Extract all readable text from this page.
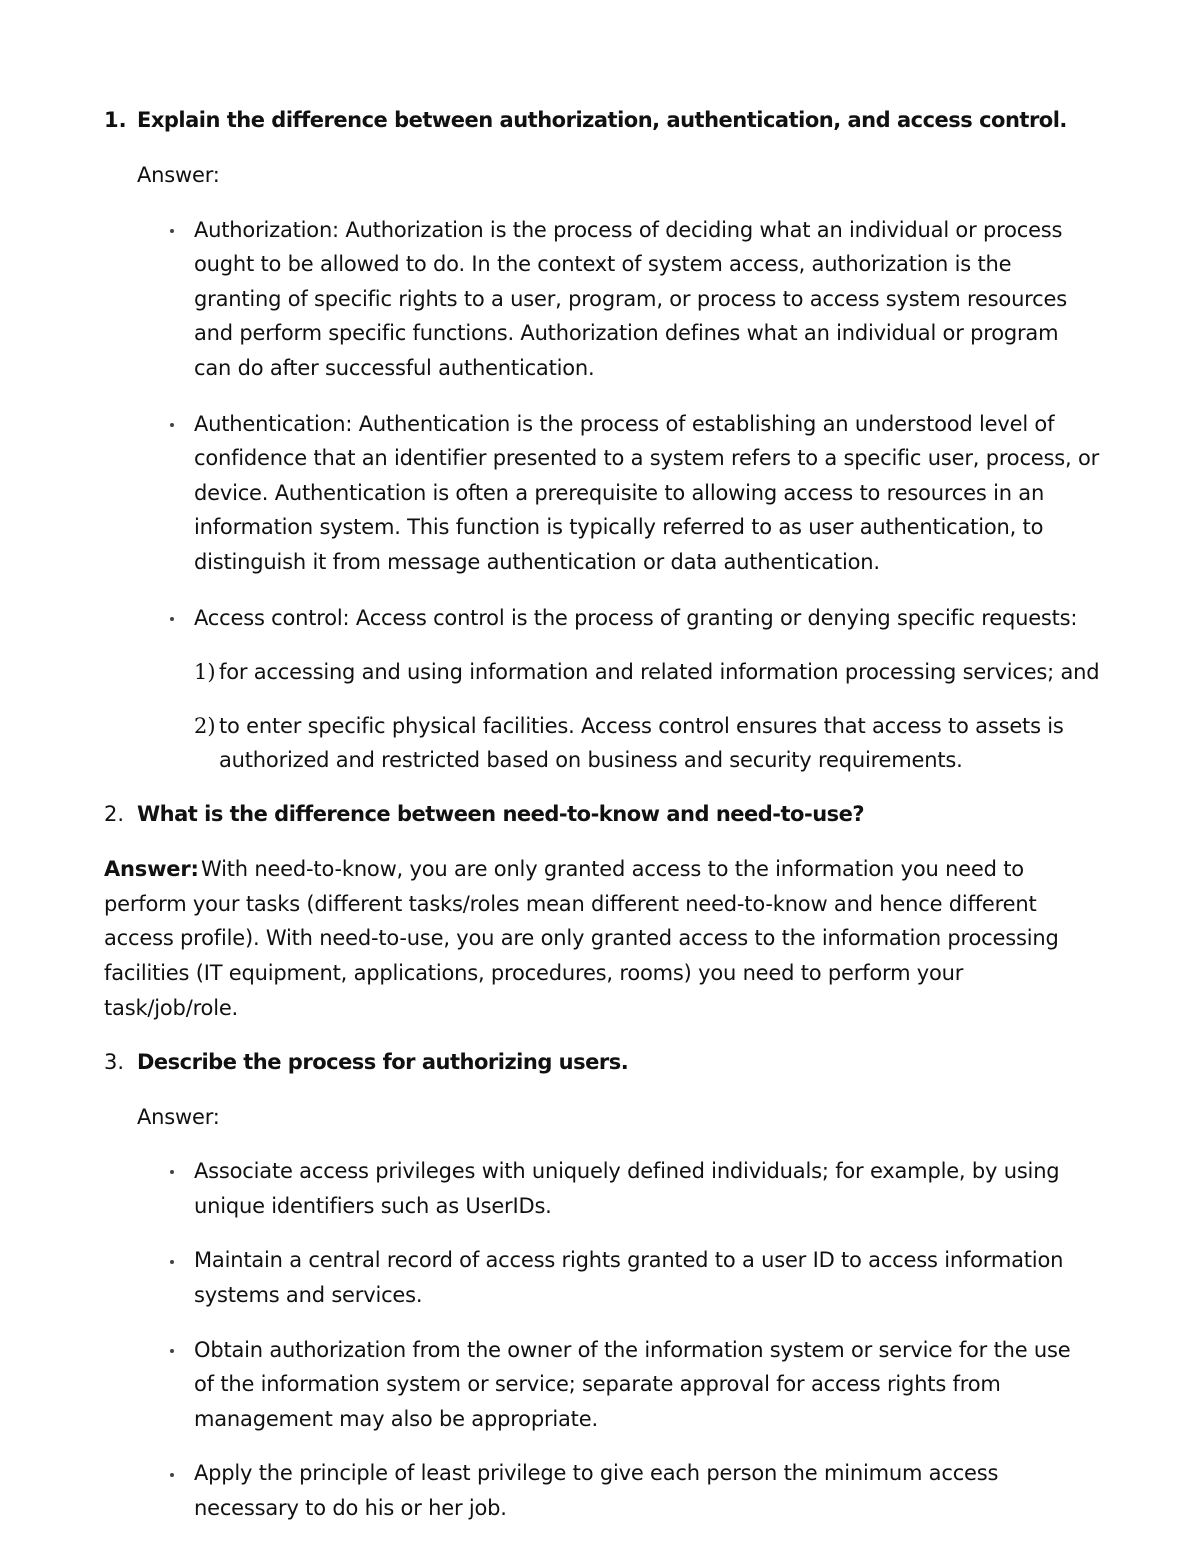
1. Explain the difference between authorization, authentication, and access control.
Answer:
Authorization: Authorization is the process of deciding what an individual or process
ought to be allowed to do. In the context of system access, authorization is the
granting of specific rights to a user, program, or process to access system resources
and perform specific functions. Authorization defines what an individual or program
can do after successful authentication.
Authentication: Authentication is the process of establishing an understood level of
confidence that an identifier presented to a system refers to a specific user, process, or
device. Authentication is often a prerequisite to allowing access to resources in an
information system. This function is typically referred to as user authentication, to
distinguish it from message authentication or data authentication.
Access control: Access control is the process of granting or denying specific requests:
1) for accessing and using information and related information processing services; and
2) to enter specific physical facilities. Access control ensures that access to assets is
authorized and restricted based on business and security requirements.
2. What is the difference between need-to-know and need-to-use?
Answer: With need-to-know, you are only granted access to the information you need to
perform your tasks (different tasks/roles mean different need-to-know and hence different
access profile). With need-to-use, you are only granted access to the information processing
facilities (IT equipment, applications, procedures, rooms) you need to perform your
task/job/role.
3. Describe the process for authorizing users.
Answer:
Associate access privileges with uniquely defined individuals; for example, by using
unique identifiers such as UserIDs.
Maintain a central record of access rights granted to a user ID to access information
systems and services.
Obtain authorization from the owner of the information system or service for the use
of the information system or service; separate approval for access rights from
management may also be appropriate.
Apply the principle of least privilege to give each person the minimum access
necessary to do his or her job.
